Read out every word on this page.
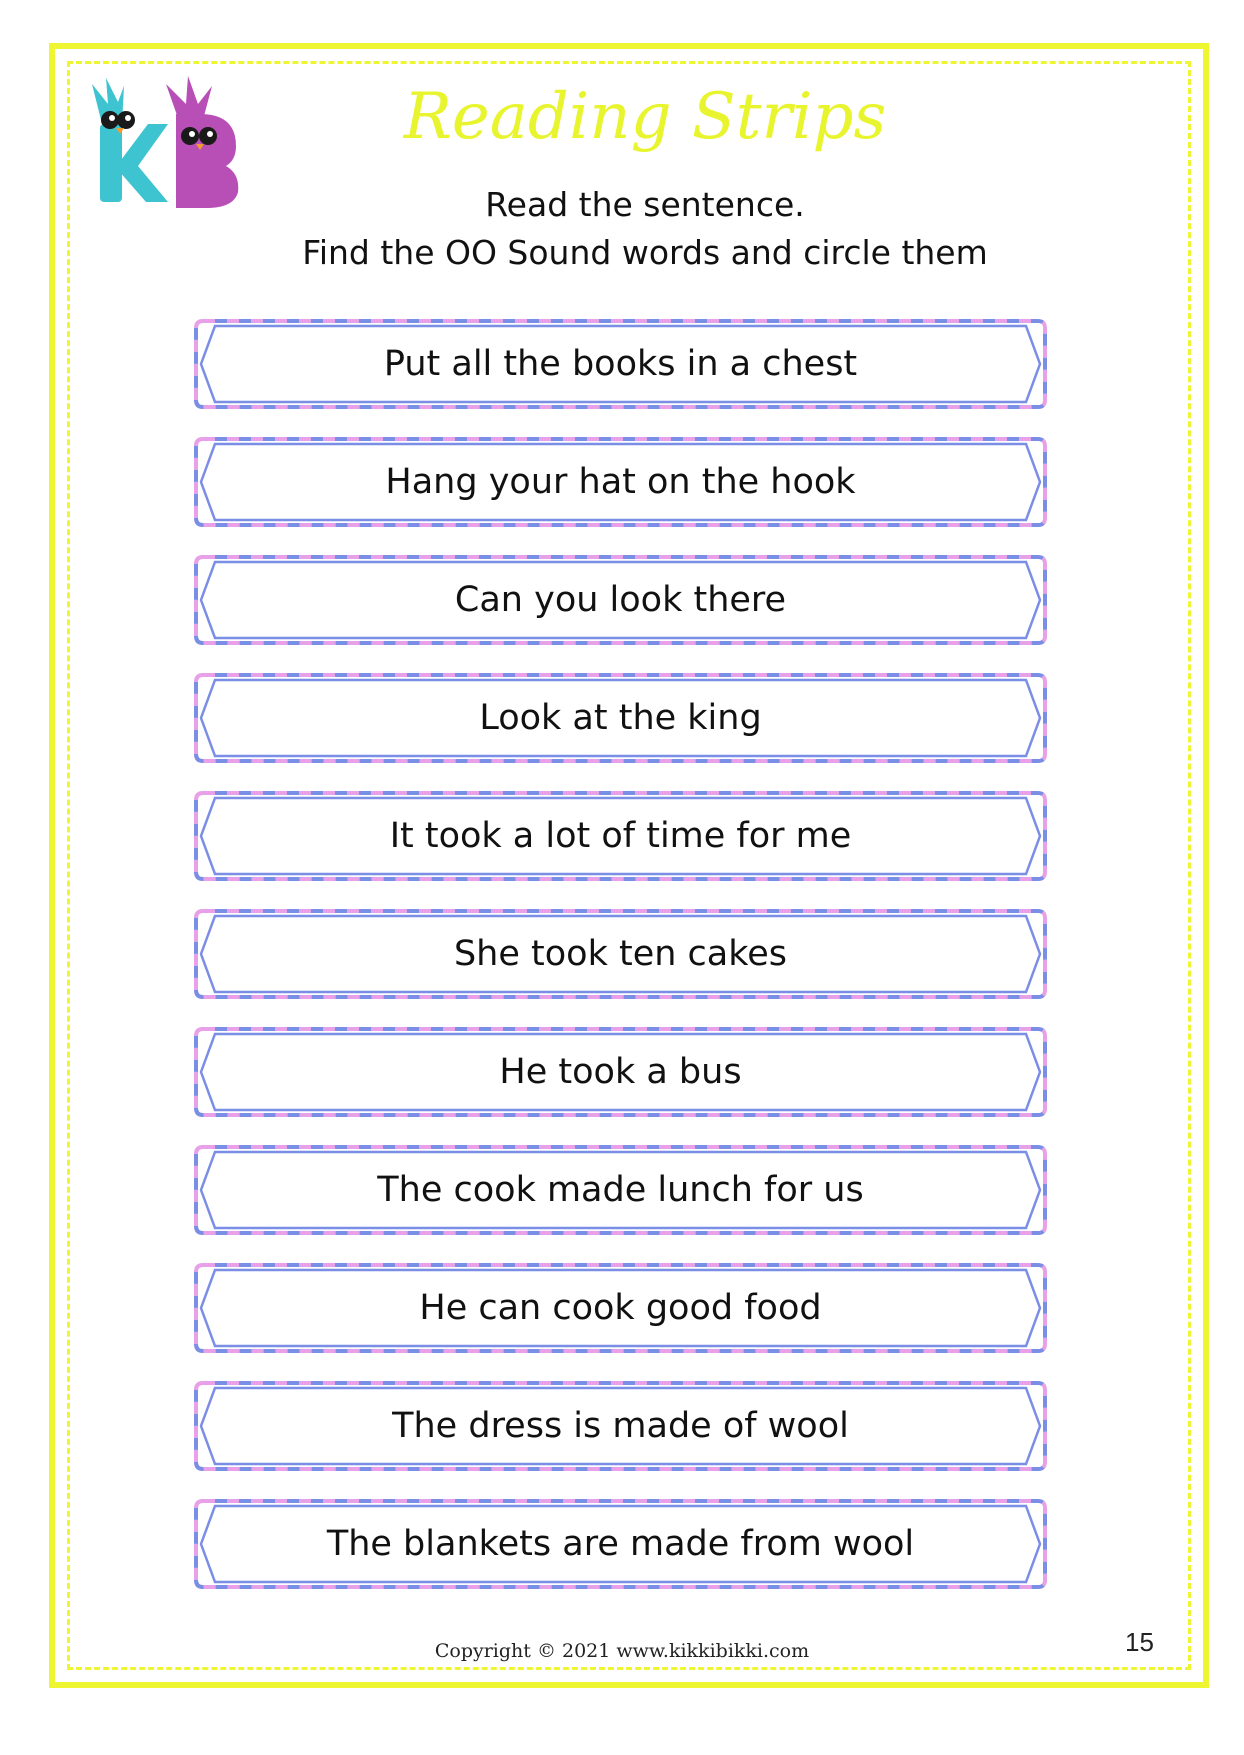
Reading Strips
Read the sentence.
Find the OO Sound words and circle them
Put all the books in a chest
Hang your hat on the hook
Can you look there
Look at the king
It took a lot of time for me
She took ten cakes
He took a bus
The cook made lunch for us
He can cook good food
The dress is made of wool
The blankets are made from wool
Copyright © 2021 www.kikkibikki.com	15
